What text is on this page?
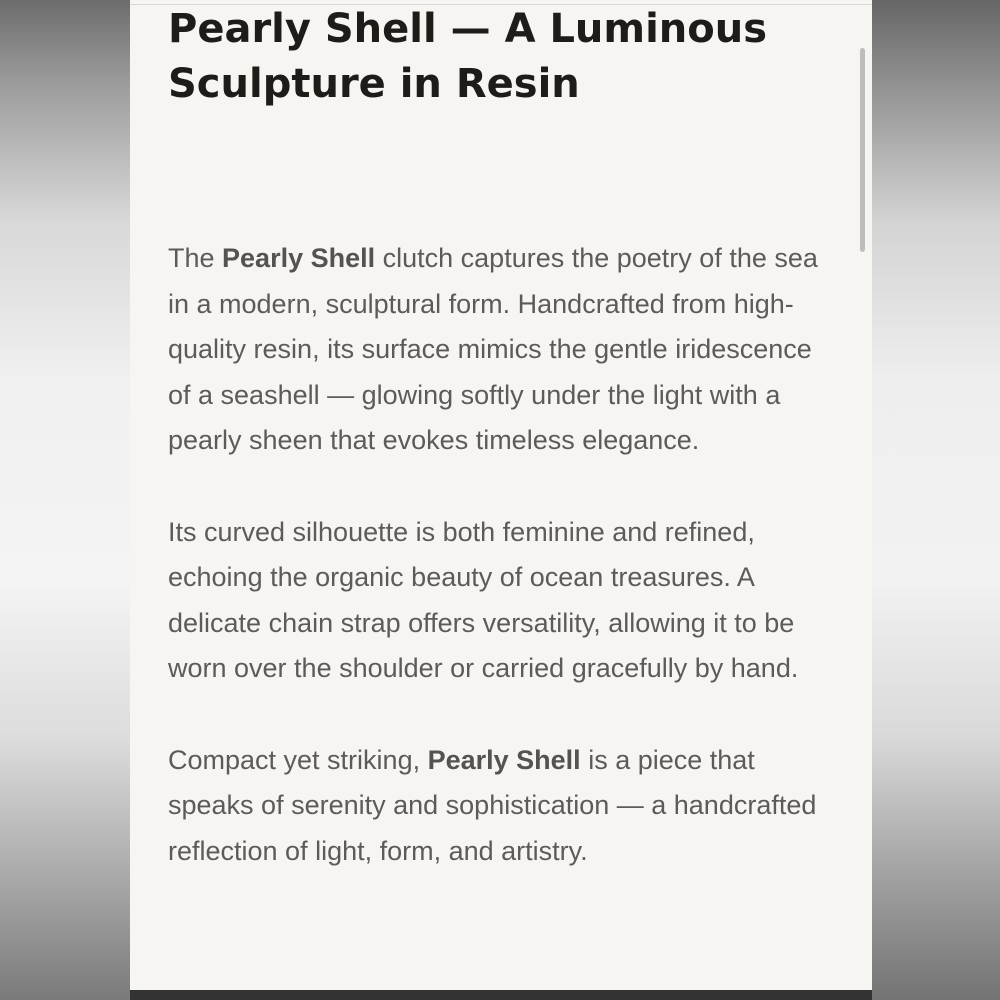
Pearly Shell — A Luminous Sculpture in Resin

The Pearly Shell clutch captures the poetry of the sea in a modern, sculptural form. Handcrafted from high-quality resin, its surface mimics the gentle iridescence of a seashell — glowing softly under the light with a pearly sheen that evokes timeless elegance.

Its curved silhouette is both feminine and refined, echoing the organic beauty of ocean treasures. A delicate chain strap offers versatility, allowing it to be worn over the shoulder or carried gracefully by hand.

Compact yet striking, Pearly Shell is a piece that speaks of serenity and sophistication — a handcrafted reflection of light, form, and artistry.
